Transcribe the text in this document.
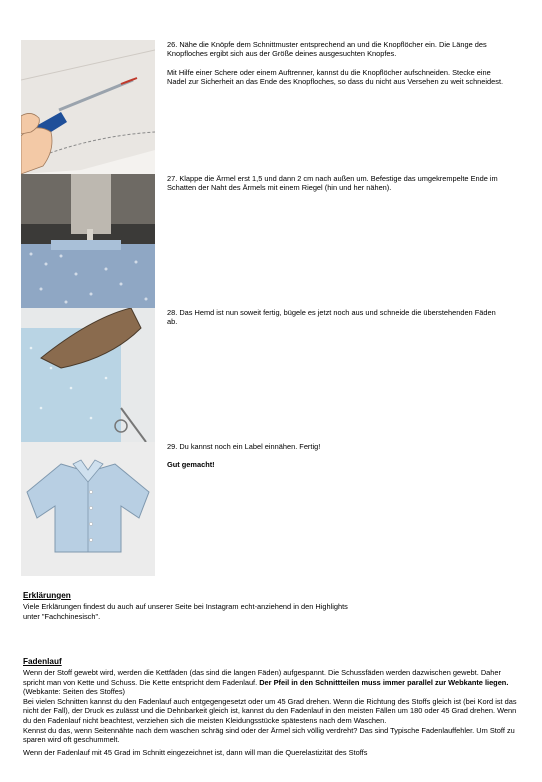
26. Nähe die Knöpfe dem Schnittmuster entsprechend an und die Knopflöcher ein. Die Länge des Knopfloches ergibt sich aus der Größe deines ausgesuchten Knopfes.

Mit Hilfe einer Schere oder einem Auftrenner, kannst du die Knopflöcher aufschneiden. Stecke eine Nadel zur Sicherheit an das Ende des Knopfloches, so dass du nicht aus Versehen zu weit schneidest.

27. Klappe die Ärmel erst 1,5 und dann 2 cm nach außen um. Befestige das umgekrempelte Ende im Schatten der Naht des Ärmels mit einem Riegel (hin und her nähen).

28. Das Hemd ist nun soweit fertig, bügele es jetzt noch aus und schneide die überstehenden Fäden ab.

29. Du kannst noch ein Label einnähen. Fertig!

Gut gemacht!

Erklärungen

Viele Erklärungen findest du auch auf unserer Seite bei Instagram echt-anziehend in den Highlights unter "Fachchinesisch".

Fadenlauf

Wenn der Stoff gewebt wird, werden die Kettfäden (das sind die langen Fäden) aufgespannt. Die Schussfäden werden dazwischen gewebt. Daher spricht man von Kette und Schuss. Die Kette entspricht dem Fadenlauf. Der Pfeil in den Schnittteilen muss immer parallel zur Webkante liegen. (Webkante: Seiten des Stoffes)

Bei vielen Schnitten kannst du den Fadenlauf auch entgegengesetzt oder um 45 Grad drehen. Wenn die Richtung des Stoffs gleich ist (bei Kord ist das nicht der Fall), der Druck es zulässt und die Dehnbarkeit gleich ist, kannst du den Fadenlauf in den meisten Fällen um 180 oder 45 Grad drehen. Wenn du den Fadenlauf nicht beachtest, verziehen sich die meisten Kleidungsstücke spätestens nach dem Waschen.

Kennst du das, wenn Seitennähte nach dem waschen schräg sind oder der Ärmel sich völlig verdreht? Das sind Typische Fadenlauffehler. Um Stoff zu sparen wird oft geschummelt.

Wenn der Fadenlauf mit 45 Grad im Schnitt eingezeichnet ist, dann will man die Querelastizität des Stoffs
